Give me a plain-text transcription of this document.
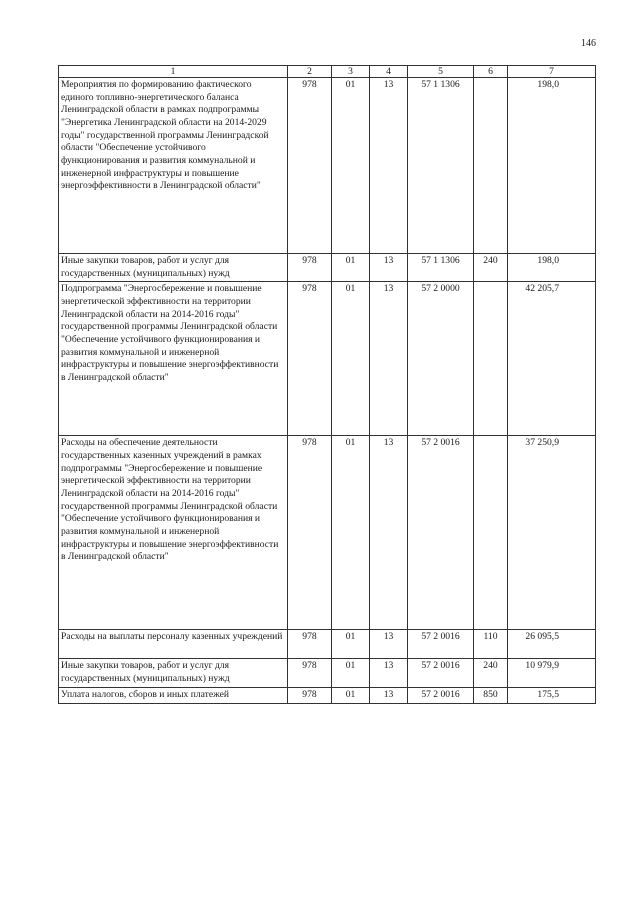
146
1	2	3	4	5	6	7
Мероприятия по формированию фактического единого топливно-энергетического баланса Ленинградской области в рамках подпрограммы "Энергетика Ленинградской области на 2014-2029 годы" государственной программы Ленинградской области "Обеспечение устойчивого функционирования и развития коммунальной и инженерной инфраструктуры и повышение энергоэффективности в Ленинградской области"	978	01	13	57 1 1306		198,0
Иные закупки товаров, работ и услуг для государственных (муниципальных) нужд	978	01	13	57 1 1306	240	198,0
Подпрограмма "Энергосбережение и повышение энергетической эффективности на территории Ленинградской области на 2014-2016 годы" государственной программы Ленинградской области "Обеспечение устойчивого функционирования и развития коммунальной и инженерной инфраструктуры и повышение энергоэффективности в Ленинградской области"	978	01	13	57 2 0000		42 205,7
Расходы на обеспечение деятельности государственных казенных учреждений в рамках подпрограммы "Энергосбережение и повышение энергетической эффективности на территории Ленинградской области на 2014-2016 годы" государственной программы Ленинградской области "Обеспечение устойчивого функционирования и развития коммунальной и инженерной инфраструктуры и повышение энергоэффективности в Ленинградской области"	978	01	13	57 2 0016		37 250,9
Расходы на выплаты персоналу казенных учреждений	978	01	13	57 2 0016	110	26 095,5
Иные закупки товаров, работ и услуг для государственных (муниципальных) нужд	978	01	13	57 2 0016	240	10 979,9
Уплата налогов, сборов и иных платежей	978	01	13	57 2 0016	850	175,5
